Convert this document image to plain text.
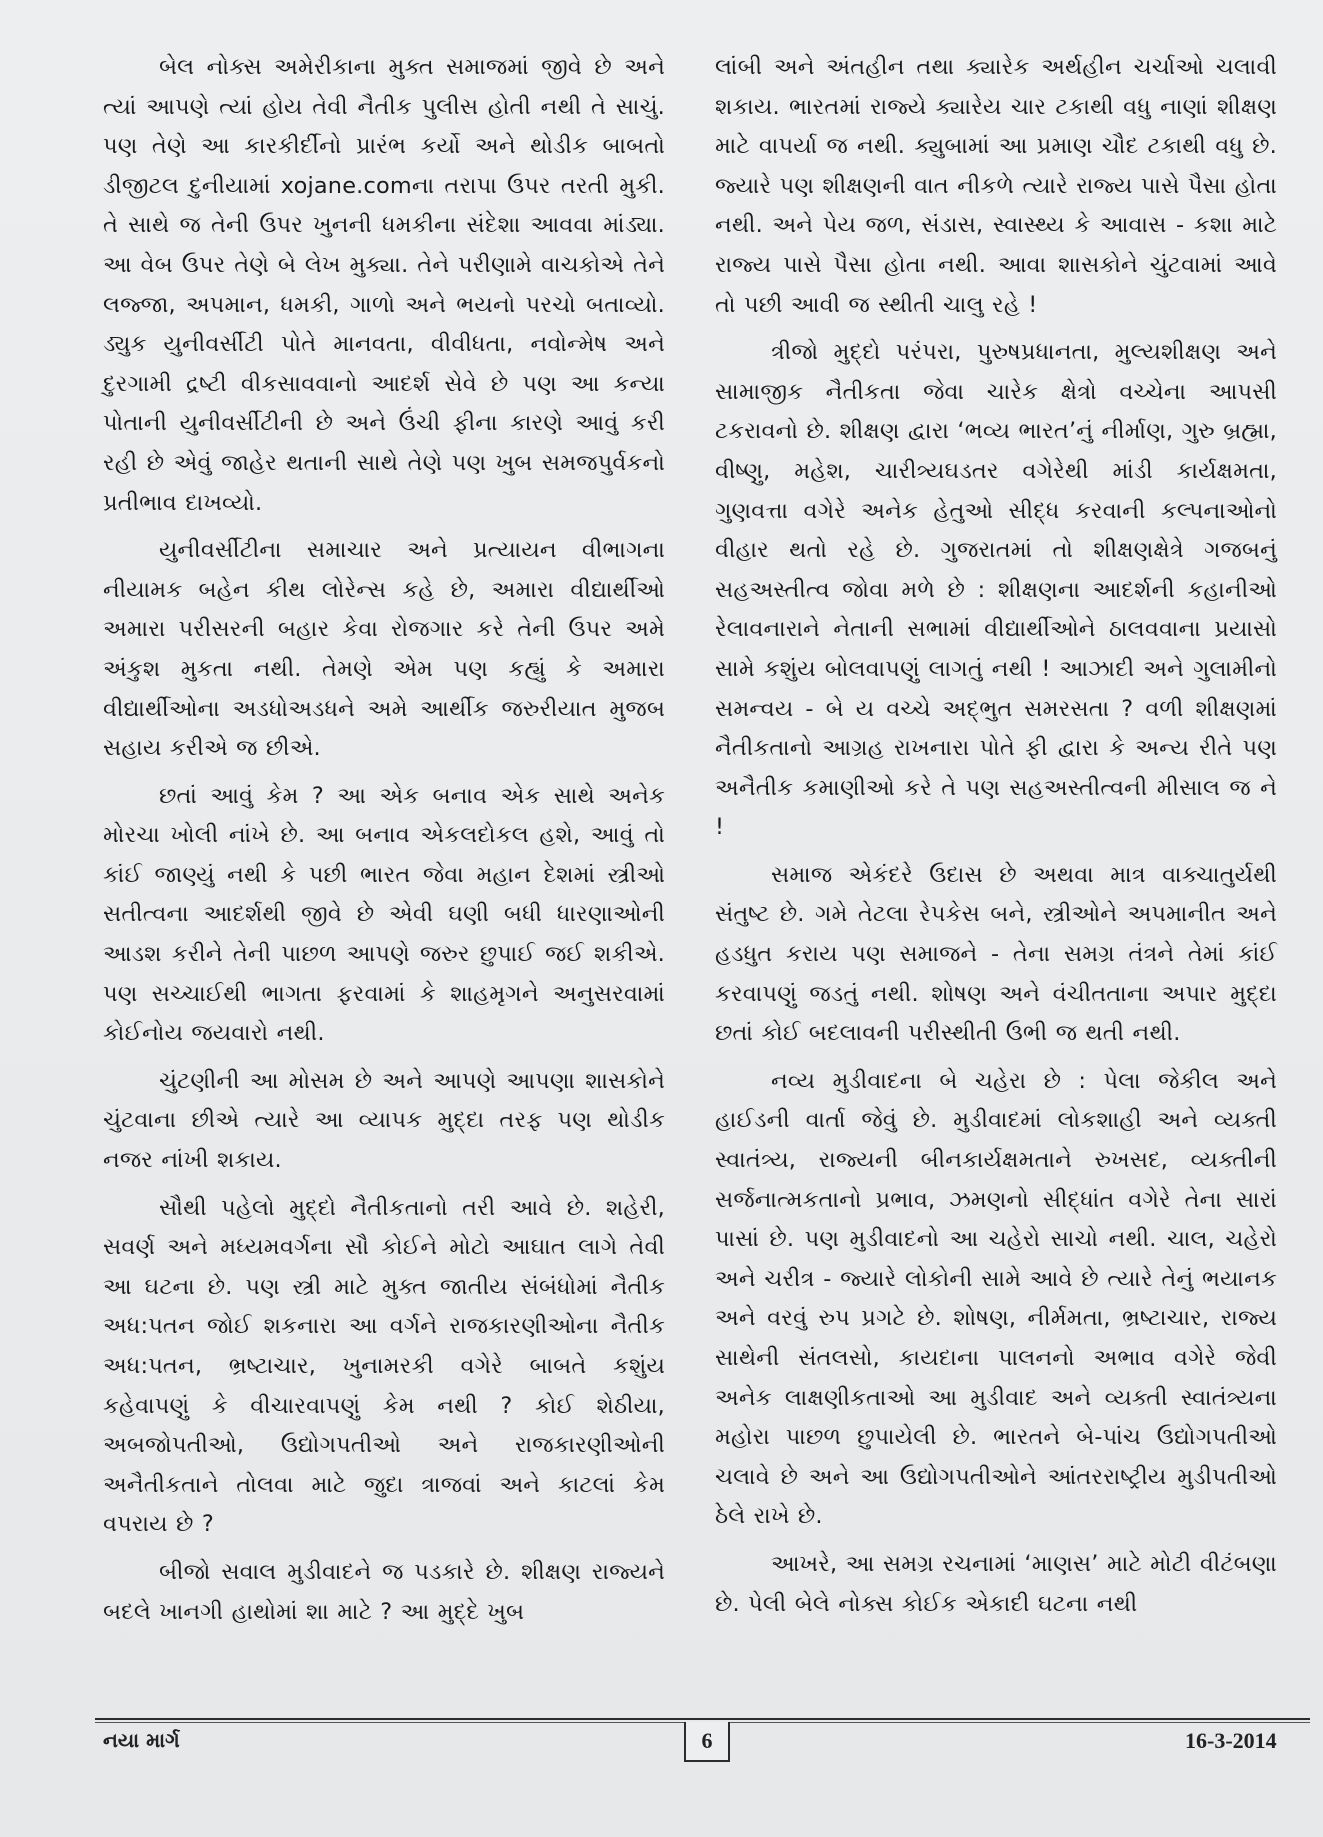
બેલ નોક્સ અમેરીકાના મુક્ત સમાજમાં જીવે છે અને ત્યાં આપણે ત્યાં હોય તેવી નૈતીક પુલીસ હોતી નથી તે સાચું. પણ તેણે આ કારકીર્દીનો પ્રારંભ કર્યો અને થોડીક બાબતો ડીજીટલ દુનીયામાં xojane.comના તરાપા ઉપર તરતી મુકી. તે સાથે જ તેની ઉપર ખુનની ધમકીના સંદેશા આવવા માંડ્યા. આ વેબ ઉપર તેણે બે લેખ મુક્યા. તેને પરીણામે વાચકોએ તેને લજ્જા, અપમાન, ધમકી, ગાળો અને ભયનો પરચો બતાવ્યો. ડ્યુક યુનીવર્સીટી પોતે માનવતા, વીવીધતા, નવોન્મેષ અને દુરગામી દ્રષ્ટી વીકસાવવાનો આદર્શ સેવે છે પણ આ કન્યા પોતાની યુનીવર્સીટીની છે અને ઉંચી ફીના કારણે આવું કરી રહી છે એવું જાહેર થતાની સાથે તેણે પણ ખુબ સમજપુર્વકનો પ્રતીભાવ દાખવ્યો.

યુનીવર્સીટીના સમાચાર અને પ્રત્યાયન વીભાગના નીયામક બહેન કીથ લોરેન્સ કહે છે, અમારા વીદ્યાર્થીઓ અમારા પરીસરની બહાર કેવા રોજગાર કરે તેની ઉપર અમે અંકુશ મુકતા નથી. તેમણે એમ પણ કહ્યું કે અમારા વીદ્યાર્થીઓના અડધોઅડધને અમે આર્થીક જરુરીયાત મુજબ સહાય કરીએ જ છીએ.

છતાં આવું કેમ ? આ એક બનાવ એક સાથે અનેક મોરચા ખોલી નાંખે છે. આ બનાવ એકલદોકલ હશે, આવું તો કાંઈ જાણ્યું નથી કે પછી ભારત જેવા મહાન દેશમાં સ્ત્રીઓ સતીત્વના આદર્શથી જીવે છે એવી ઘણી બધી ધારણાઓની આડશ કરીને તેની પાછળ આપણે જરુર છુપાઈ જઈ શકીએ. પણ સચ્ચાઈથી ભાગતા ફરવામાં કે શાહમૃગને અનુસરવામાં કોઈનોય જયવારો નથી.

ચુંટણીની આ મોસમ છે અને આપણે આપણા શાસકોને ચુંટવાના છીએ ત્યારે આ વ્યાપક મુદ્દા તરફ પણ થોડીક નજર નાંખી શકાય.

સૌથી પહેલો મુદ્દો નૈતીકતાનો તરી આવે છે. શહેરી, સવર્ણ અને મધ્યમવર્ગના સૌ કોઈને મોટો આઘાત લાગે તેવી આ ઘટના છે. પણ સ્ત્રી માટે મુક્ત જાતીય સંબંધોમાં નૈતીક અધ:પતન જોઈ શકનારા આ વર્ગને રાજકારણીઓના નૈતીક અધ:પતન, ભ્રષ્ટાચાર, ખુનામરકી વગેરે બાબતે કશુંય કહેવાપણું કે વીચારવાપણું કેમ નથી ? કોઈ શેઠીયા, અબજોપતીઓ, ઉદ્યોગપતીઓ અને રાજકારણીઓની અનૈતીકતાને તોલવા માટે જુદા ત્રાજવાં અને કાટલાં કેમ વપરાય છે ?

બીજો સવાલ મુડીવાદને જ પડકારે છે. શીક્ષણ રાજ્યને બદલે ખાનગી હાથોમાં શા માટે ? આ મુદ્દે ખુબ

લાંબી અને અંતહીન તથા ક્યારેક અર્થહીન ચર્ચાઓ ચલાવી શકાય. ભારતમાં રાજ્યે ક્યારેય ચાર ટકાથી વધુ નાણાં શીક્ષણ માટે વાપર્યા જ નથી. ક્યુબામાં આ પ્રમાણ ચૌદ ટકાથી વધુ છે. જ્યારે પણ શીક્ષણની વાત નીકળે ત્યારે રાજ્ય પાસે પૈસા હોતા નથી. અને પેય જળ, સંડાસ, સ્વાસ્થ્ય કે આવાસ - કશા માટે રાજ્ય પાસે પૈસા હોતા નથી. આવા શાસકોને ચુંટવામાં આવે તો પછી આવી જ સ્થીતી ચાલુ રહે !

ત્રીજો મુદ્દો પરંપરા, પુરુષપ્રધાનતા, મુલ્યશીક્ષણ અને સામાજીક નૈતીકતા જેવા ચારેક ક્ષેત્રો વચ્ચેના આપસી ટકરાવનો છે. શીક્ષણ દ્વારા ‘ભવ્ય ભારત’નું નીર્માણ, ગુરુ બ્રહ્મા, વીષ્ણુ, મહેશ, ચારીત્ર્યઘડતર વગેરેથી માંડી કાર્યક્ષમતા, ગુણવત્તા વગેરે અનેક હેતુઓ સીદ્ધ કરવાની કલ્પનાઓનો વીહાર થતો રહે છે. ગુજરાતમાં તો શીક્ષણક્ષેત્રે ગજબનું સહઅસ્તીત્વ જોવા મળે છે : શીક્ષણના આદર્શની કહાનીઓ રેલાવનારાને નેતાની સભામાં વીદ્યાર્થીઓને ઠાલવવાના પ્રયાસો સામે કશુંય બોલવાપણું લાગતું નથી ! આઝાદી અને ગુલામીનો સમન્વય - બે ય વચ્ચે અદ્ભુત સમરસતા ? વળી શીક્ષણમાં નૈતીકતાનો આગ્રહ રાખનારા પોતે ફી દ્વારા કે અન્ય રીતે પણ અનૈતીક કમાણીઓ કરે તે પણ સહઅસ્તીત્વની મીસાલ જ ને !

સમાજ એકંદરે ઉદાસ છે અથવા માત્ર વાક્ચાતુર્યથી સંતુષ્ટ છે. ગમે તેટલા રેપકેસ બને, સ્ત્રીઓને અપમાનીત અને હડધુત કરાય પણ સમાજને - તેના સમગ્ર તંત્રને તેમાં કાંઈ કરવાપણું જડતું નથી. શોષણ અને વંચીતતાના અપાર મુદ્દા છતાં કોઈ બદલાવની પરીસ્થીતી ઉભી જ થતી નથી.

નવ્ય મુડીવાદના બે ચહેરા છે : પેલા જેકીલ અને હાઈડની વાર્તા જેવું છે. મુડીવાદમાં લોકશાહી અને વ્યક્તી સ્વાતંત્ર્ય, રાજ્યની બીનકાર્યક્ષમતાને રુખસદ, વ્યક્તીની સર્જનાત્મકતાનો પ્રભાવ, ઝમણનો સીદ્ધાંત વગેરે તેના સારાં પાસાં છે. પણ મુડીવાદનો આ ચહેરો સાચો નથી. ચાલ, ચહેરો અને ચરીત્ર - જ્યારે લોકોની સામે આવે છે ત્યારે તેનું ભયાનક અને વરવું રુપ પ્રગટે છે. શોષણ, નીર્મમતા, ભ્રષ્ટાચાર, રાજ્ય સાથેની સંતલસો, કાયદાના પાલનનો અભાવ વગેરે જેવી અનેક લાક્ષણીકતાઓ આ મુડીવાદ અને વ્યક્તી સ્વાતંત્ર્યના મહોરા પાછળ છુપાયેલી છે. ભારતને બે-પાંચ ઉદ્યોગપતીઓ ચલાવે છે અને આ ઉદ્યોગપતીઓને આંતરરાષ્ટ્રીય મુડીપતીઓ ઠેલે રાખે છે.

આખરે, આ સમગ્ર રચનામાં ‘માણસ’ માટે મોટી વીટંબણા છે. પેલી બેલે નોક્સ કોઈક એકાદી ઘટના નથી

નયા માર્ગ	6	16-3-2014
